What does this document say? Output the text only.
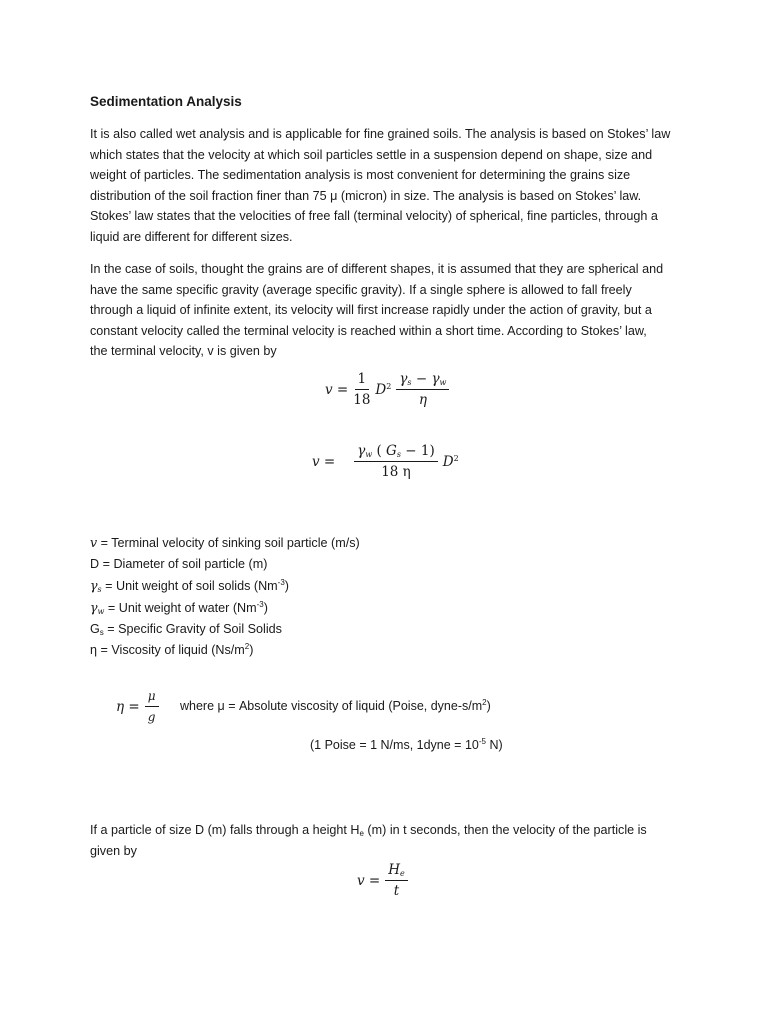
Sedimentation Analysis

It is also called wet analysis and is applicable for fine grained soils. The analysis is based on Stokes’ law

which states that the velocity at which soil particles settle in a suspension depend on shape, size and

weight of particles. The sedimentation analysis is most convenient for determining the grains size

distribution of the soil fraction finer than 75 μ (micron) in size. The analysis is based on Stokes’ law.

Stokes’ law states that the velocities of free fall (terminal velocity) of spherical, fine particles, through a

liquid are different for different sizes.

In the case of soils, thought the grains are of different shapes, it is assumed that they are spherical and

have the same specific gravity (average specific gravity). If a single sphere is allowed to fall freely

through a liquid of infinite extent, its velocity will first increase rapidly under the action of gravity, but a

constant velocity called the terminal velocity is reached within a short time. According to Stokes’ law,

the terminal velocity, v is given by

$v = \frac{1}{18} D^2 \frac{\gamma_s - \gamma_w}{\eta}$
$v = \frac{\gamma_w ( G_s - 1)}{18 \eta} D^2$
v = Terminal velocity of sinking soil particle (m/s)
D = Diameter of soil particle (m)
$\gamma_s$ = Unit weight of soil solids $(Nm^{-3})$
$\gamma_w$ = Unit weight of water $(Nm^{-3})$
$G_s$ = Specific Gravity of Soil Solids
η = Viscosity of liquid $(Ns/m^2)$
$\eta = \frac{\mu}{g}$ where μ = Absolute viscosity of liquid (Poise, dyne-$s/m^2$)

(1 Poise = 1 N/ms, 1dyne = $10^{-5}$ N)

If a particle of size D (m) falls through a height $H_e$ (m) in t seconds, then the velocity of the particle is

given by

$v = \frac{H_e}{t}$
